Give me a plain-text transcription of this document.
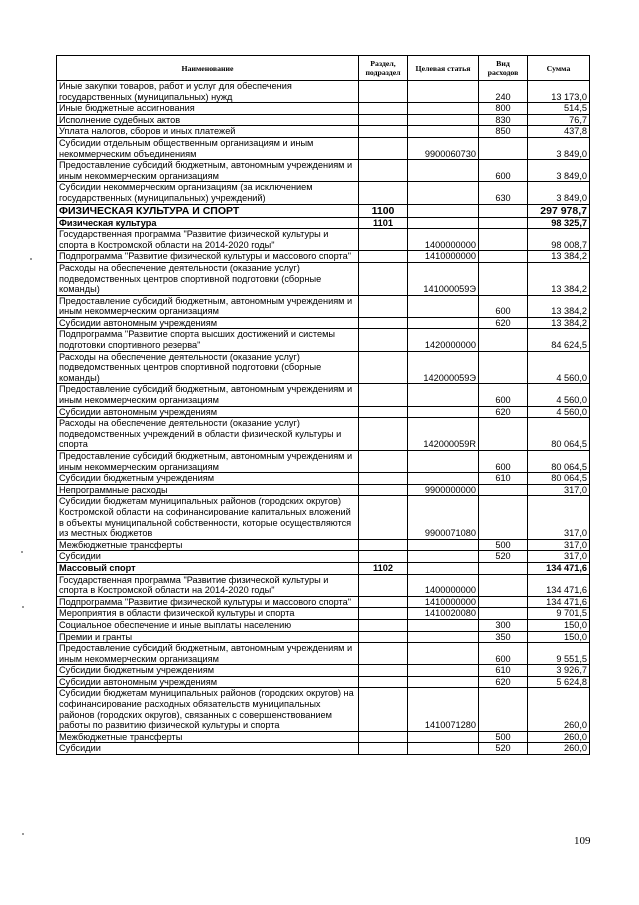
Наименование	Раздел, подраздел	Целевая статья	Вид расходов	Сумма
Иные закупки товаров, работ и услуг для обеспечения государственных (муниципальных) нужд			240	13 173,0
Иные бюджетные ассигнования			800	514,5
Исполнение судебных актов			830	76,7
Уплата налогов, сборов и иных платежей			850	437,8
Субсидии отдельным общественным организациям и иным некоммерческим объединениям		9900060730		3 849,0
Предоставление субсидий бюджетным, автономным учреждениям и иным некоммерческим организациям			600	3 849,0
Субсидии некоммерческим организациям (за исключением государственных (муниципальных) учреждений)			630	3 849,0
ФИЗИЧЕСКАЯ КУЛЬТУРА И СПОРТ	1100			297 978,7
Физическая культура	1101			98 325,7
Государственная программа "Развитие физической культуры и спорта в Костромской области на 2014-2020 годы"		1400000000		98 008,7
Подпрограмма "Развитие физической культуры и массового спорта"		1410000000		13 384,2
Расходы на обеспечение деятельности (оказание услуг) подведомственных центров спортивной подготовки (сборные команды)		141000059Э		13 384,2
Предоставление субсидий бюджетным, автономным учреждениям и иным некоммерческим организациям			600	13 384,2
Субсидии автономным учреждениям			620	13 384,2
Подпрограмма "Развитие спорта высших достижений и системы подготовки спортивного резерва"		1420000000		84 624,5
Расходы на обеспечение деятельности (оказание услуг) подведомственных центров спортивной подготовки (сборные команды)		142000059Э		4 560,0
Предоставление субсидий бюджетным, автономным учреждениям и иным некоммерческим организациям			600	4 560,0
Субсидии автономным учреждениям			620	4 560,0
Расходы на обеспечение деятельности (оказание услуг) подведомственных учреждений в области физической культуры и спорта		142000059R		80 064,5
Предоставление субсидий бюджетным, автономным учреждениям и иным некоммерческим организациям			600	80 064,5
Субсидии бюджетным учреждениям			610	80 064,5
Непрограммные расходы		9900000000		317,0
Субсидии бюджетам муниципальных районов (городских округов) Костромской области на софинансирование капитальных вложений в объекты муниципальной собственности, которые осуществляются из местных бюджетов		9900071080		317,0
Межбюджетные трансферты			500	317,0
Субсидии			520	317,0
Массовый спорт	1102			134 471,6
Государственная программа "Развитие физической культуры и спорта в Костромской области на 2014-2020 годы"		1400000000		134 471,6
Подпрограмма "Развитие физической культуры и массового спорта"		1410000000		134 471,6
Мероприятия в области физической культуры и спорта		1410020080		9 701,5
Социальное обеспечение и иные выплаты населению			300	150,0
Премии и гранты			350	150,0
Предоставление субсидий бюджетным, автономным учреждениям и иным некоммерческим организациям			600	9 551,5
Субсидии бюджетным учреждениям			610	3 926,7
Субсидии автономным учреждениям			620	5 624,8
Субсидии бюджетам муниципальных районов (городских округов) на софинансирование расходных обязательств муниципальных районов (городских округов), связанных с совершенствованием работы по развитию физической культуры и спорта		1410071280		260,0
Межбюджетные трансферты			500	260,0
Субсидии			520	260,0
109
